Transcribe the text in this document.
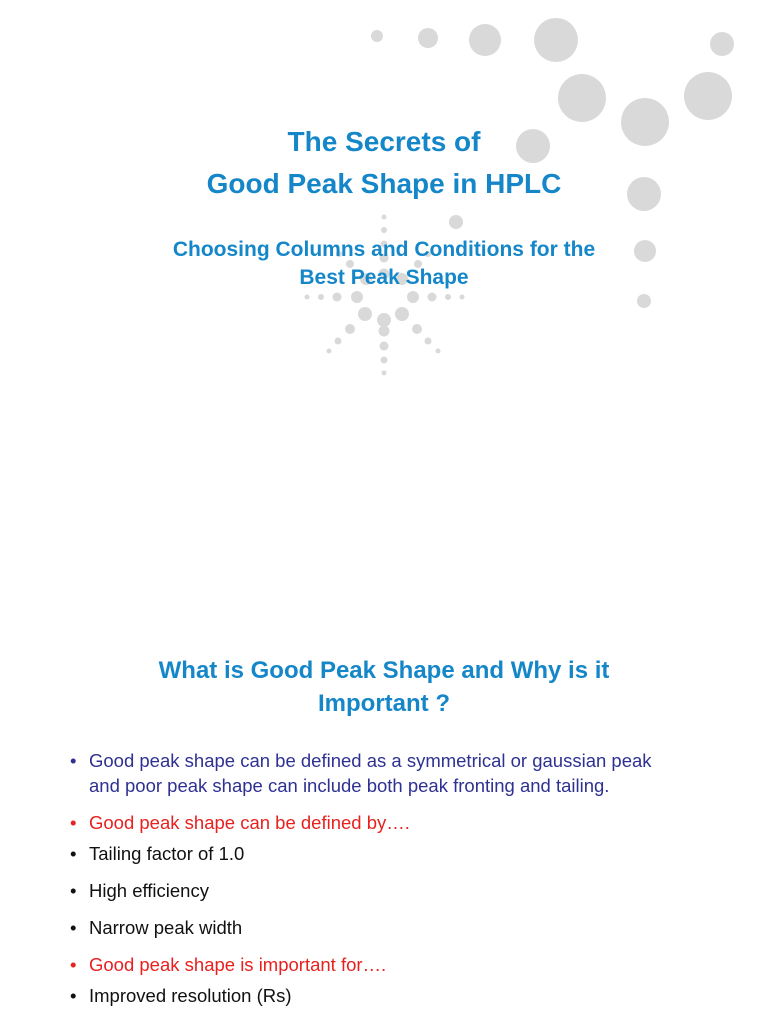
The Secrets of

Good Peak Shape in HPLC

Choosing Columns and Conditions for the
Best Peak Shape
What is Good Peak Shape and Why is it
Important ?
• Good peak shape can be defined as a symmetrical or gaussian peak
and poor peak shape can include both peak fronting and tailing.
• Good peak shape can be defined by….
• Tailing factor of 1.0
• High efficiency
• Narrow peak width
• Good peak shape is important for….
• Improved resolution (Rs)
